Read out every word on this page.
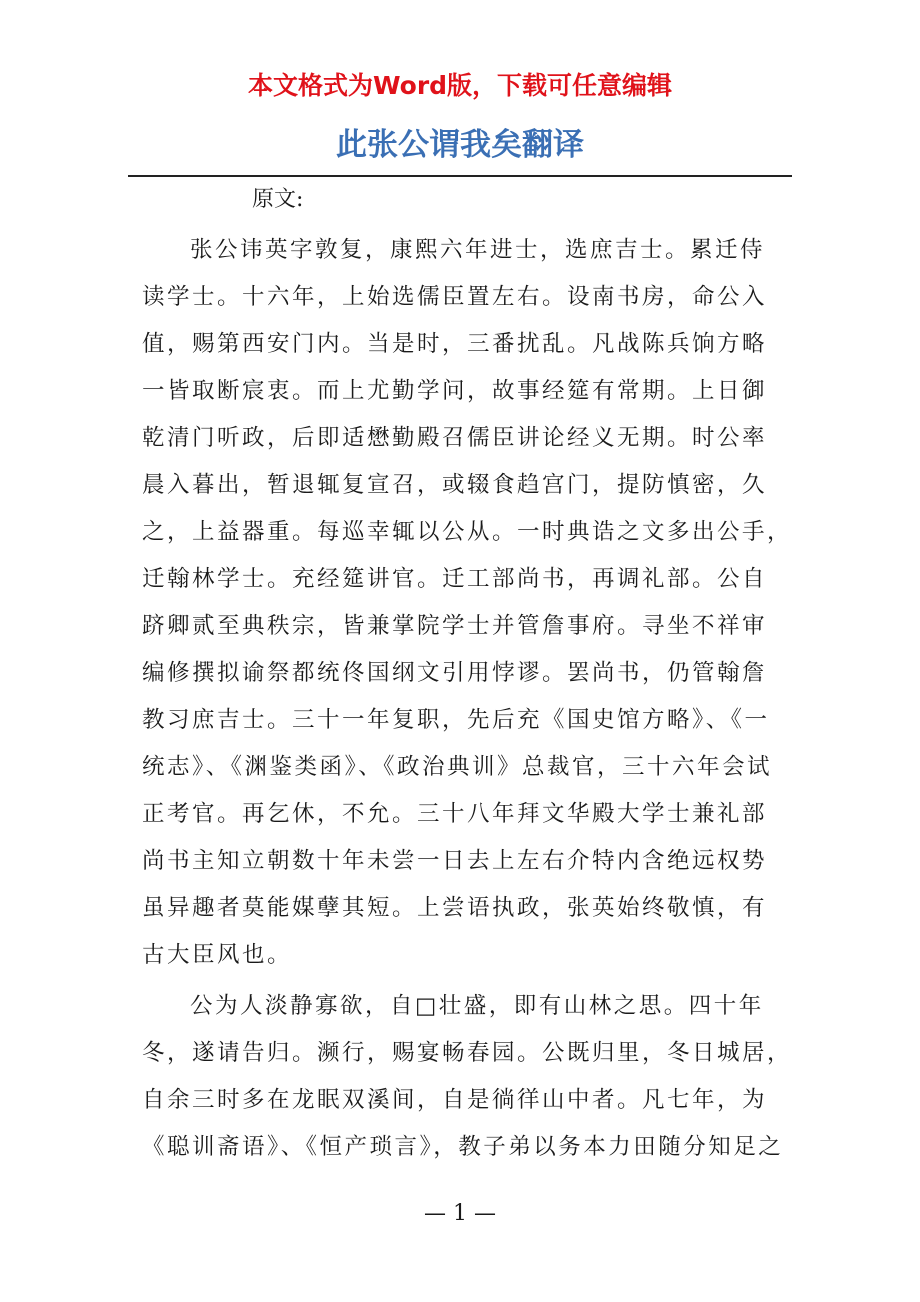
本文格式为Word版，下载可任意编辑
此张公谓我矣翻译
原文:
张公讳英字敦复，康熙六年进士，选庶吉士。累迁侍
读学士。十六年，上始选儒臣置左右。设南书房，命公入
值，赐第西安门内。当是时，三番扰乱。凡战陈兵饷方略
一皆取断宸衷。而上尤勤学问，故事经筵有常期。上日御
乾清门听政，后即适懋勤殿召儒臣讲论经义无期。时公率
晨入暮出，暂退辄复宣召，或辍食趋宫门，提防慎密，久
之，上益器重。每巡幸辄以公从。一时典诰之文多出公手，
迁翰林学士。充经筵讲官。迁工部尚书，再调礼部。公自
跻卿贰至典秩宗，皆兼掌院学士并管詹事府。寻坐不祥审
编修撰拟谕祭都统佟国纲文引用悖谬。罢尚书，仍管翰詹
教习庶吉士。三十一年复职，先后充《国史馆方略》、《一
统志》、《渊鉴类函》、《政治典训》总裁官，三十六年会试
正考官。再乞休，不允。三十八年拜文华殿大学士兼礼部
尚书主知立朝数十年未尝一日去上左右介特内含绝远权势
虽异趣者莫能媒孽其短。上尝语执政，张英始终敬慎，有
古大臣风也。
公为人淡静寡欲，自□壮盛，即有山林之思。四十年
冬，遂请告归。濒行，赐宴畅春园。公既归里，冬日城居，
自余三时多在龙眠双溪间，自是徜徉山中者。凡七年，为
《聪训斋语》、《恒产琐言》，教子弟以务本力田随分知足之
— 1 —
